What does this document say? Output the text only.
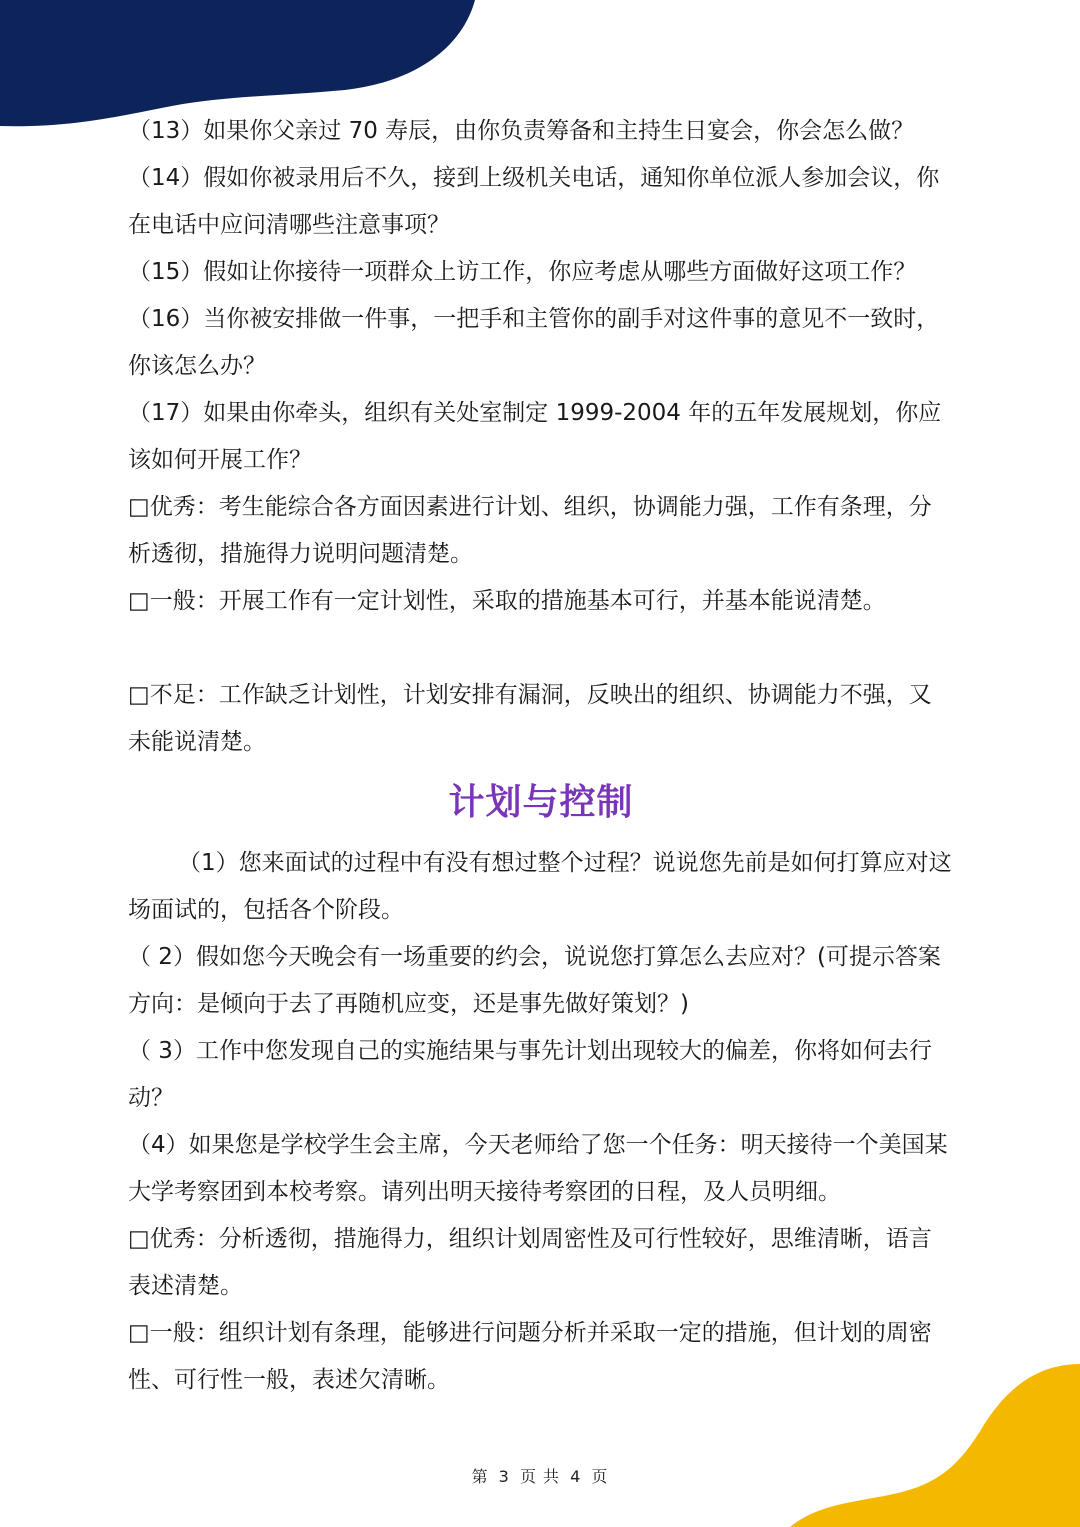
（13）如果你父亲过 70 寿辰，由你负责筹备和主持生日宴会，你会怎么做？

（14）假如你被录用后不久，接到上级机关电话，通知你单位派人参加会议，你在电话中应问清哪些注意事项？

（15）假如让你接待一项群众上访工作，你应考虑从哪些方面做好这项工作？

（16）当你被安排做一件事，一把手和主管你的副手对这件事的意见不一致时，你该怎么办？

（17）如果由你牵头，组织有关处室制定 1999-2004 年的五年发展规划，你应该如何开展工作？

□优秀：考生能综合各方面因素进行计划、组织，协调能力强，工作有条理，分析透彻，措施得力说明问题清楚。

□一般：开展工作有一定计划性，采取的措施基本可行，并基本能说清楚。

□不足：工作缺乏计划性，计划安排有漏洞，反映出的组织、协调能力不强，又未能说清楚。

计划与控制

（1）您来面试的过程中有没有想过整个过程？说说您先前是如何打算应对这场面试的，包括各个阶段。

（ 2）假如您今天晚会有一场重要的约会，说说您打算怎么去应对？(可提示答案方向：是倾向于去了再随机应变，还是事先做好策划？)

（ 3）工作中您发现自己的实施结果与事先计划出现较大的偏差，你将如何去行动？

（4）如果您是学校学生会主席，今天老师给了您一个任务：明天接待一个美国某大学考察团到本校考察。请列出明天接待考察团的日程，及人员明细。

□优秀：分析透彻，措施得力，组织计划周密性及可行性较好，思维清晰，语言表述清楚。

□一般：组织计划有条理，能够进行问题分析并采取一定的措施，但计划的周密性、可行性一般，表述欠清晰。

第 3 页 共 4 页
